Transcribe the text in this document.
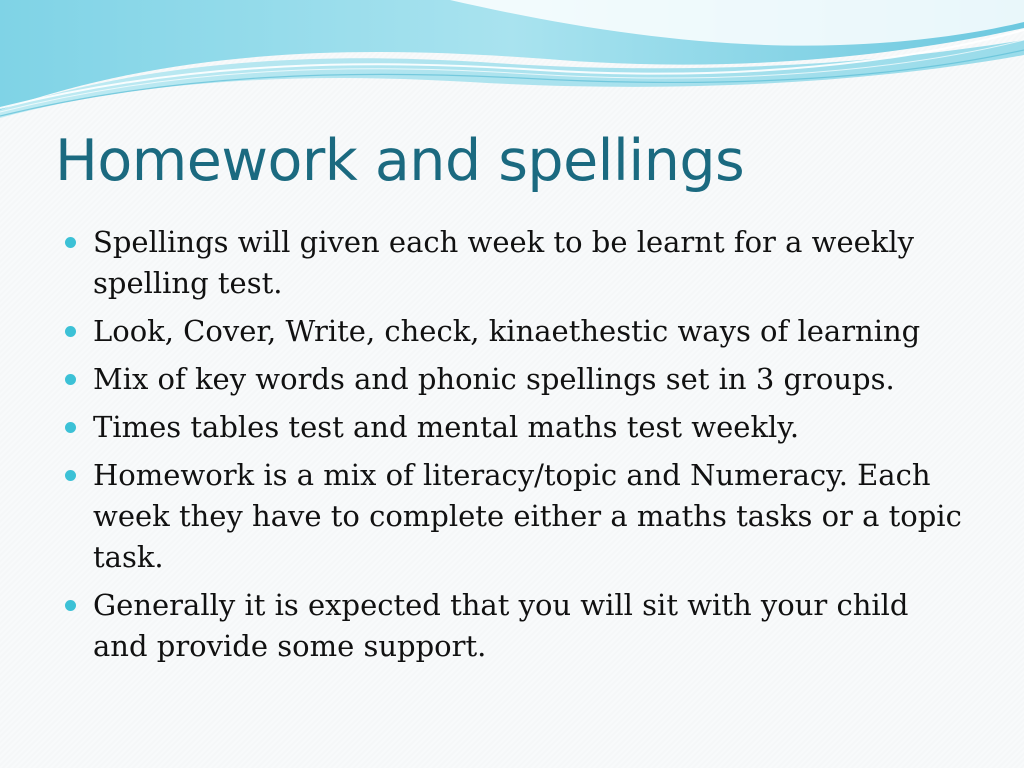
Homework and spellings
Spellings will given each week to be learnt for a weekly spelling test.
Look, Cover, Write, check, kinaethestic ways of learning
Mix of key words and phonic spellings set in 3 groups.
Times tables test and mental maths test weekly.
Homework is a mix of literacy/topic and Numeracy. Each week they have to complete either a maths tasks or a topic task.
Generally it is expected that you will sit with your child and provide some support.
